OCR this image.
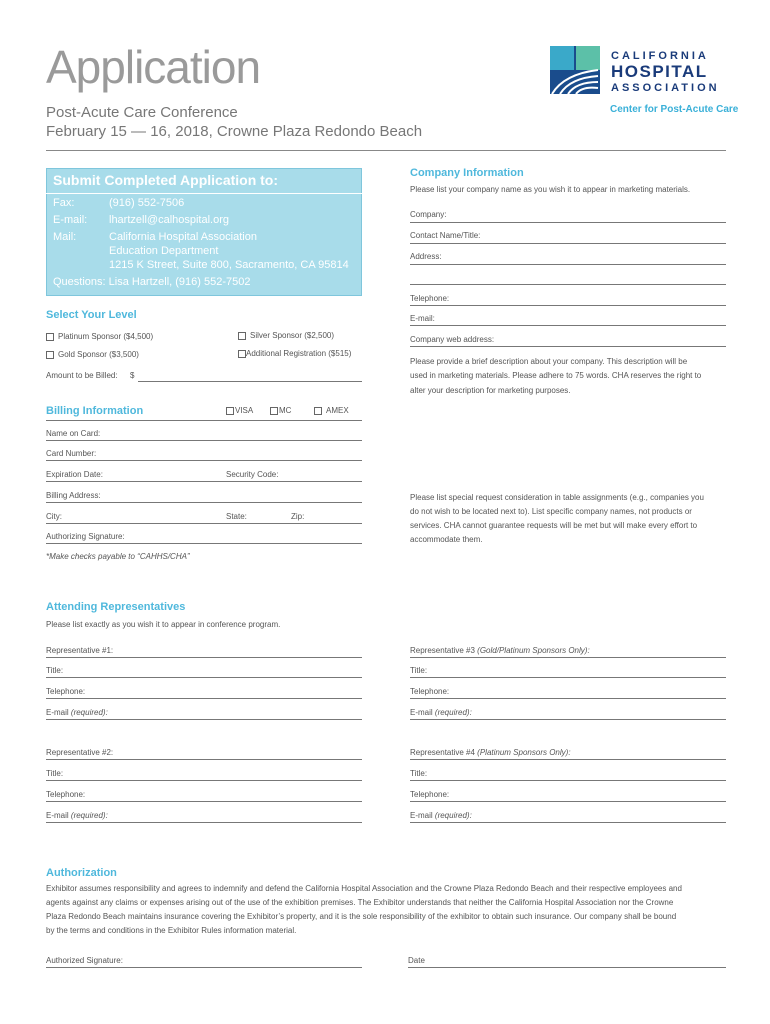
Application
Post-Acute Care Conference
February 15 — 16, 2018, Crowne Plaza Redondo Beach
CALIFORNIA
HOSPITAL
ASSOCIATION
Center for Post-Acute Care
Submit Completed Application to:
Fax:	(916) 552-7506
E-mail: lhartzell@calhospital.org
Mail:	California Hospital Association
Education Department
1215 K Street, Suite 800, Sacramento, CA 95814
Questions: Lisa Hartzell, (916) 552-7502
Select Your Level
Platinum Sponsor ($4,500)	Silver Sponsor ($2,500)
Gold Sponsor ($3,500)	Additional Registration ($515)
Amount to be Billed: $
Billing Information	VISA	MC	AMEX
Name on Card:
Card Number:
Expiration Date:	Security Code:
Billing Address:
City:	State:	Zip:
Authorizing Signature:
*Make checks payable to “CAHHS/CHA”
Company Information
Please list your company name as you wish it to appear in marketing materials.
Company:
Contact Name/Title:
Address:
Telephone:
E-mail:
Company web address:
Please provide a brief description about your company. This description will be
used in marketing materials. Please adhere to 75 words. CHA reserves the right to
alter your description for marketing purposes.
Please list special request consideration in table assignments (e.g., companies you
do not wish to be located next to). List specific company names, not products or
services. CHA cannot guarantee requests will be met but will make every effort to
accommodate them.
Attending Representatives
Please list exactly as you wish it to appear in conference program.
Representative #1:
Title:
Telephone:
E-mail (required):
Representative #3 (Gold/Platinum Sponsors Only):
Title:
Telephone:
E-mail (required):
Representative #2:
Title:
Telephone:
E-mail (required):
Representative #4 (Platinum Sponsors Only):
Title:
Telephone:
E-mail (required):
Authorization
Exhibitor assumes responsibility and agrees to indemnify and defend the California Hospital Association and the Crowne Plaza Redondo Beach and their respective employees and
agents against any claims or expenses arising out of the use of the exhibition premises. The Exhibitor understands that neither the California Hospital Association nor the Crowne
Plaza Redondo Beach maintains insurance covering the Exhibitor’s property, and it is the sole responsibility of the exhibitor to obtain such insurance. Our company shall be bound
by the terms and conditions in the Exhibitor Rules information material.
Authorized Signature:	Date
